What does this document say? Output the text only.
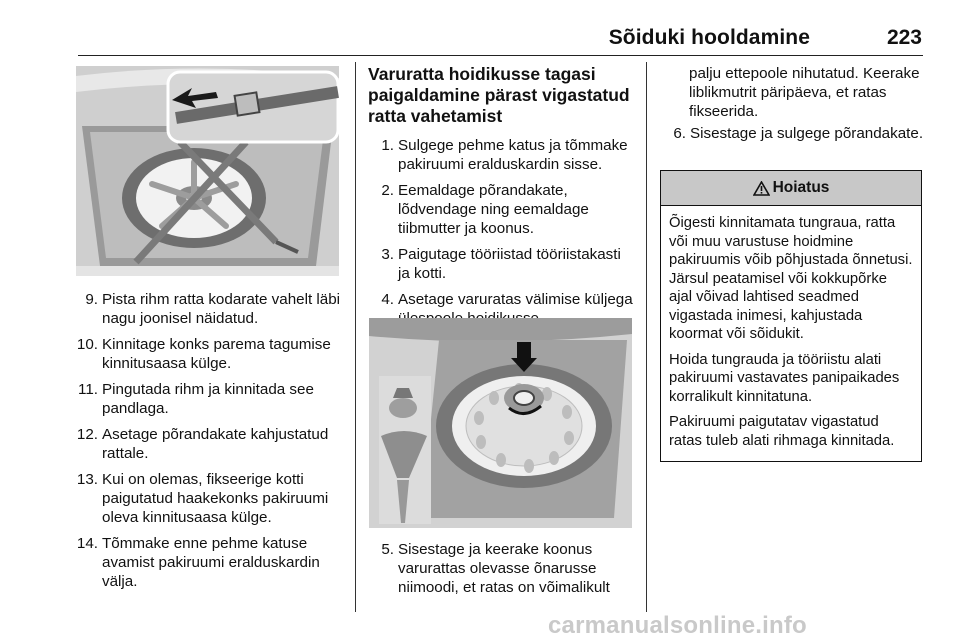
Sõiduki hooldamine	223
9. Pista rihm ratta kodarate vahelt läbi nagu joonisel näidatud.
10. Kinnitage konks parema tagumise kinnitusaasa külge.
11. Pingutada rihm ja kinnitada see pandlaga.
12. Asetage põrandakate kahjustatud rattale.
13. Kui on olemas, fikseerige kotti paigutatud haakekonks pakiruumi oleva kinnitusaasa külge.
14. Tõmmake enne pehme katuse avamist pakiruumi eralduskardin välja.
Varuratta hoidikusse tagasi paigaldamine pärast vigastatud ratta vahetamist
1. Sulgege pehme katus ja tõmmake pakiruumi eralduskardin sisse.
2. Eemaldage põrandakate, lõdvendage ning eemaldage tiibmutter ja koonus.
3. Paigutage tööriistad tööriistakasti ja kotti.
4. Asetage varuratas välimise küljega
5. Sisestage ja keerake koonus varurattas olevasse õnarusse niimoodi, et ratas on võimalikult
palju ettepoole nihutatud. Keerake liblikmutrit päripäeva, et ratas fikseerida.
6. Sisestage ja sulgege põrandakate.
Hoiatus

Õigesti kinnitamata tungraua, ratta või muu varustuse hoidmine pakiruumis võib põhjustada õnnetusi. Järsul peatamisel või kokkupõrke ajal võivad lahtised seadmed vigastada inimesi, kahjustada koormat või sõidukit.

Hoida tungrauda ja tööriistu alati pakiruumi vastavates panipaikades korralikult kinnitatuna.

Pakiruumi paigutatav vigastatud ratas tuleb alati rihmaga kinnitada.

carmanualsonline.info
